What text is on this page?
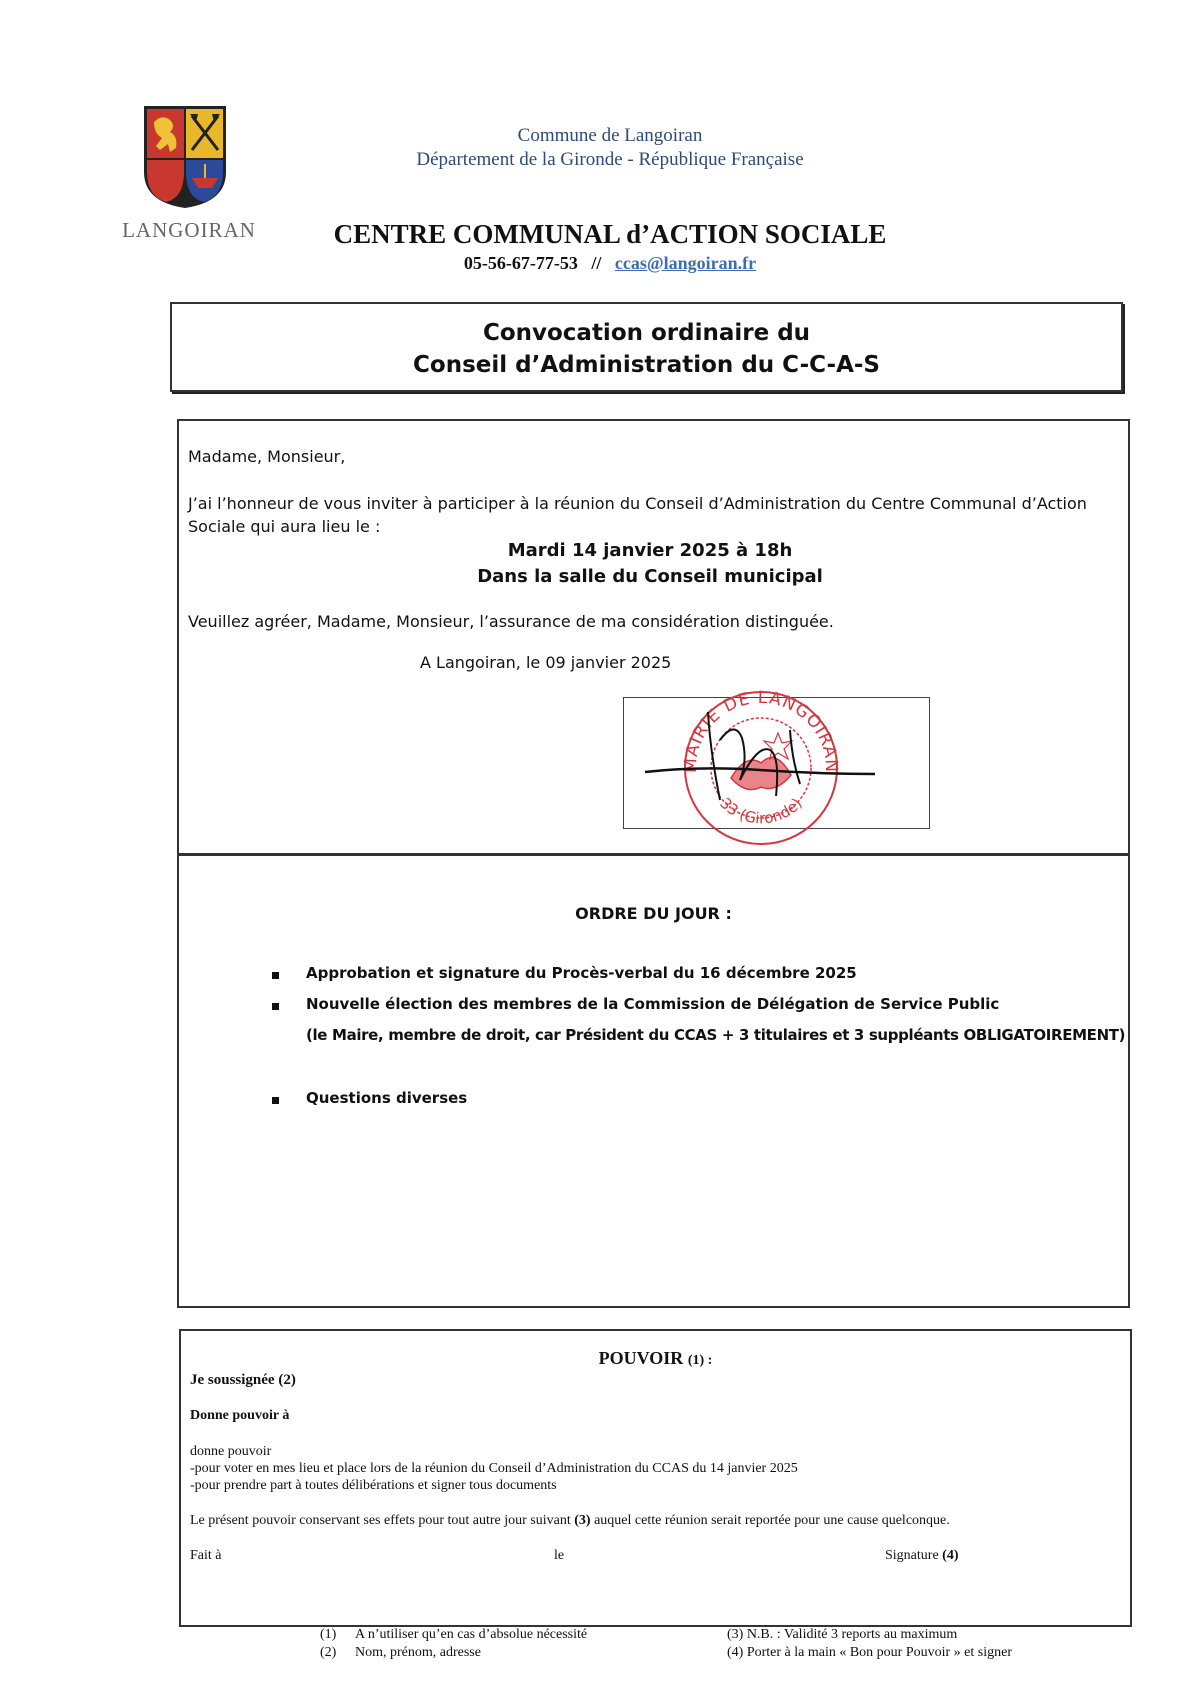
LANGOIRAN
Commune de Langoiran
Département de la Gironde - République Française
CENTRE COMMUNAL d’ACTION SOCIALE
05-56-67-77-53 // ccas@langoiran.fr
Convocation ordinaire du
Conseil d’Administration du C-C-A-S
Madame, Monsieur,
J’ai l’honneur de vous inviter à participer à la réunion du Conseil d’Administration du Centre Communal d’Action Sociale qui aura lieu le :
Mardi 14 janvier 2025 à 18h
Dans la salle du Conseil municipal
Veuillez agréer, Madame, Monsieur, l’assurance de ma considération distinguée.
A Langoiran, le 09 janvier 2025
MAIRIE DE LANGOIRAN
33 (Gironde)
ORDRE DU JOUR :
Approbation et signature du Procès-verbal du 16 décembre 2025
Nouvelle élection des membres de la Commission de Délégation de Service Public
(le Maire, membre de droit, car Président du CCAS + 3 titulaires et 3 suppléants OBLIGATOIREMENT)
Questions diverses
POUVOIR (1) :
Je soussignée (2)
Donne pouvoir à
donne pouvoir
-pour voter en mes lieu et place lors de la réunion du Conseil d’Administration du CCAS du 14 janvier 2025
-pour prendre part à toutes délibérations et signer tous documents
Le présent pouvoir conservant ses effets pour tout autre jour suivant (3) auquel cette réunion serait reportée pour une cause quelconque.
Fait à	le	Signature (4)
(1) A n’utiliser qu’en cas d’absolue nécessité
(2) Nom, prénom, adresse
(3) N.B. : Validité 3 reports au maximum
(4) Porter à la main « Bon pour Pouvoir » et signer
